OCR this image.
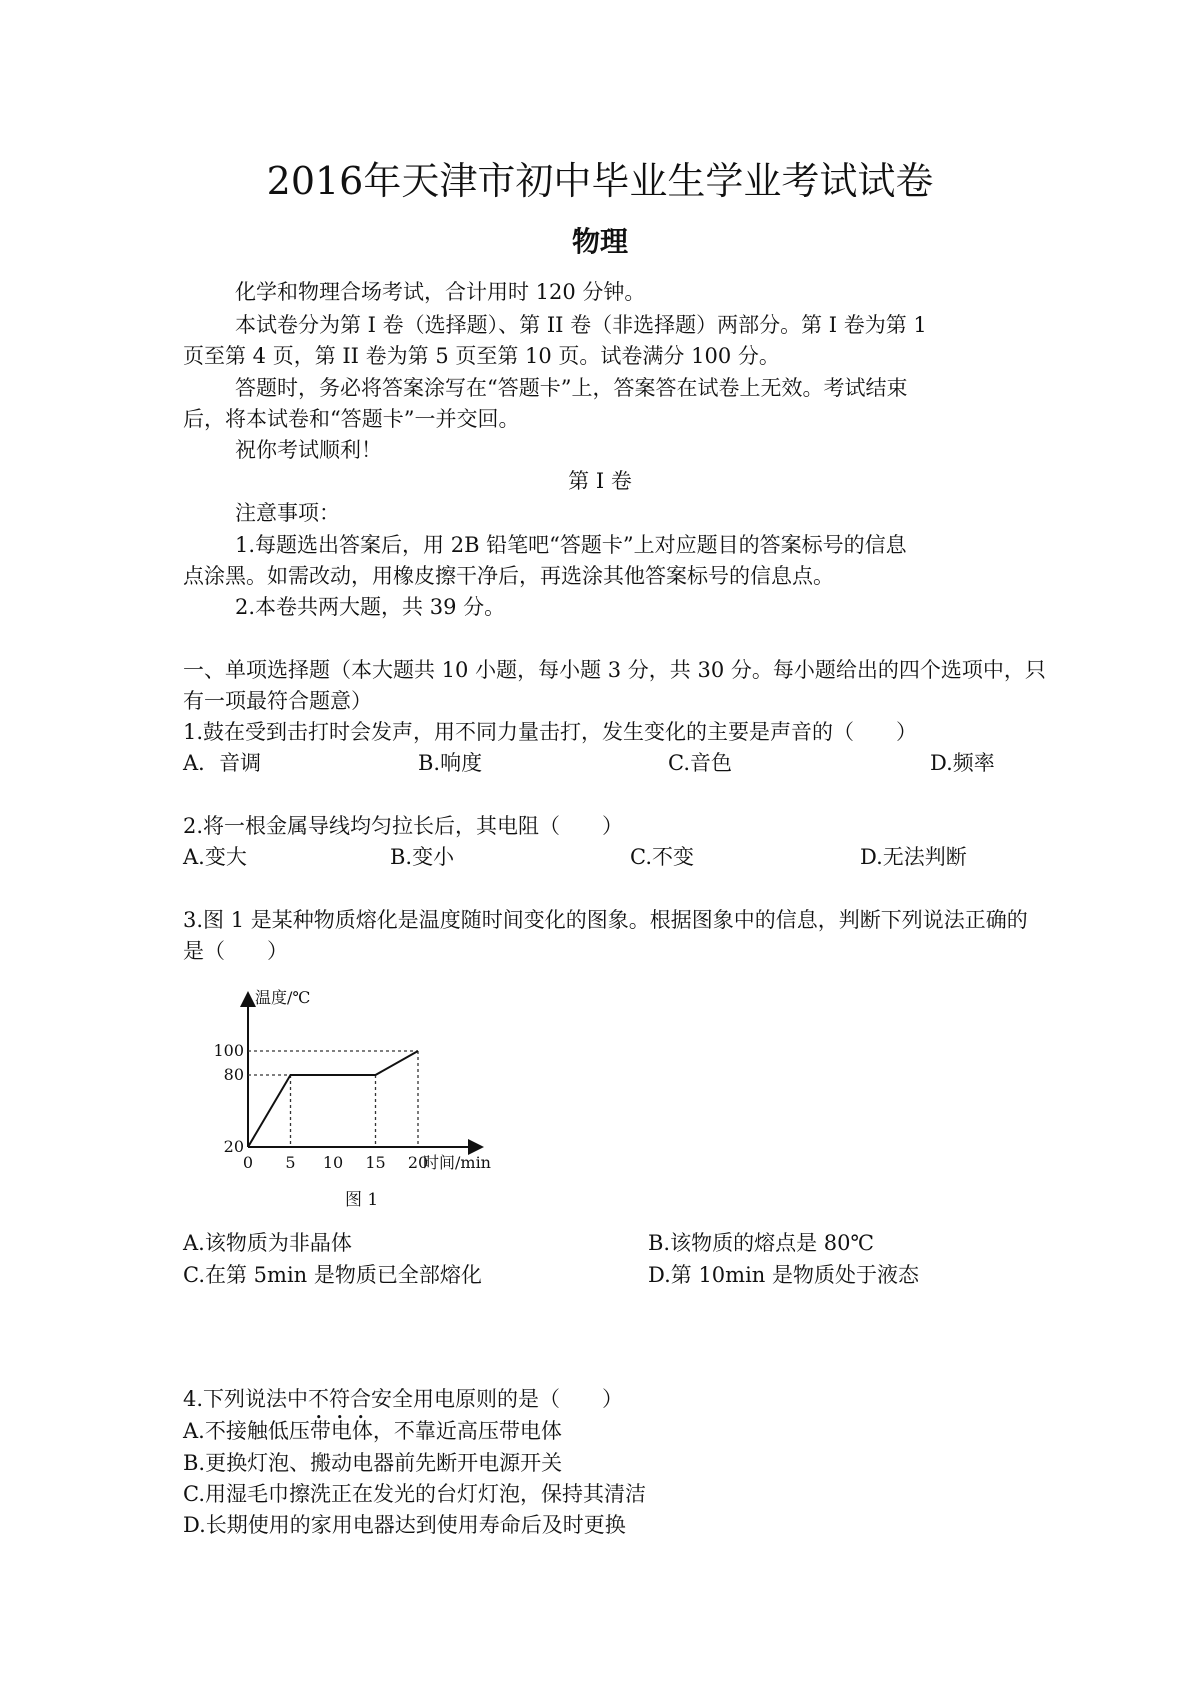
2016年天津市初中毕业生学业考试试卷
物理
化学和物理合场考试，合计用时 120 分钟。
本试卷分为第 I 卷（选择题）、第 II 卷（非选择题）两部分。第 I 卷为第 1
页至第 4 页，第 II 卷为第 5 页至第 10 页。试卷满分 100 分。
答题时，务必将答案涂写在“答题卡”上，答案答在试卷上无效。考试结束
后，将本试卷和“答题卡”一并交回。
祝你考试顺利！
第 I 卷
注意事项：
1.每题选出答案后，用 2B 铅笔吧“答题卡”上对应题目的答案标号的信息
点涂黑。如需改动，用橡皮擦干净后，再选涂其他答案标号的信息点。
2.本卷共两大题，共 39 分。
一、单项选择题（本大题共 10 小题，每小题 3 分，共 30 分。每小题给出的四个选项中，只
有一项最符合题意）
1.鼓在受到击打时会发声，用不同力量击打，发生变化的主要是声音的（　　）
A．音调	B.响度	C.音色	D.频率
2.将一根金属导线均匀拉长后，其电阻（　　）
A.变大	B.变小	C.不变	D.无法判断
3.图 1 是某种物质熔化是温度随时间变化的图象。根据图象中的信息，判断下列说法正确的
是（　　）
温度/℃
时间/min
20
80
100
0 5 10 15 20
图 1
A.该物质为非晶体	B.该物质的熔点是 80℃
C.在第 5min 是物质已全部熔化	D.第 10min 是物质处于液态
4.下列说法中不符合安全用电原则的是（　　）
A.不接触低压带电体，不靠近高压带电体
B.更换灯泡、搬动电器前先断开电源开关
C.用湿毛巾擦洗正在发光的台灯灯泡，保持其清洁
D.长期使用的家用电器达到使用寿命后及时更换
